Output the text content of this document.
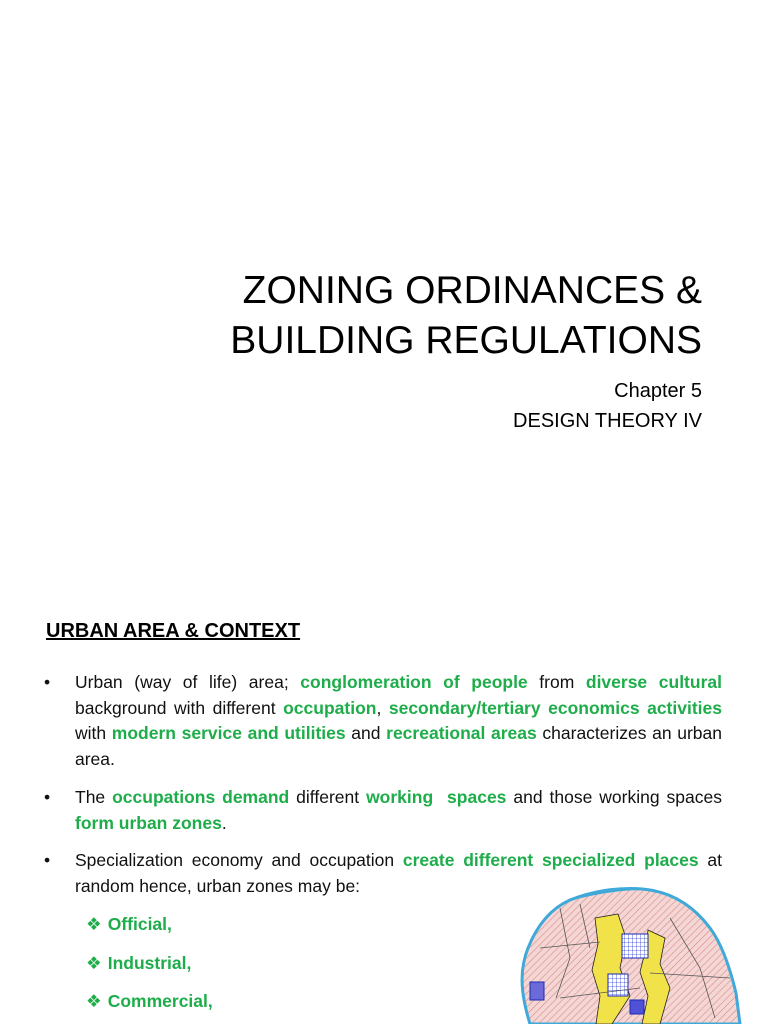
ZONING ORDINANCES &
BUILDING REGULATIONS
Chapter 5
DESIGN THEORY IV
URBAN AREA & CONTEXT
• Urban (way of life) area; conglomeration of people from diverse cultural background with different occupation, secondary/tertiary economics activities with modern service and utilities and recreational areas characterizes an urban area.
• The occupations demand different working  spaces and those working spaces form urban zones.
• Specialization economy and occupation create different specialized places at random hence, urban zones may be:
❖ Official,
❖ Industrial,
❖ Commercial,
